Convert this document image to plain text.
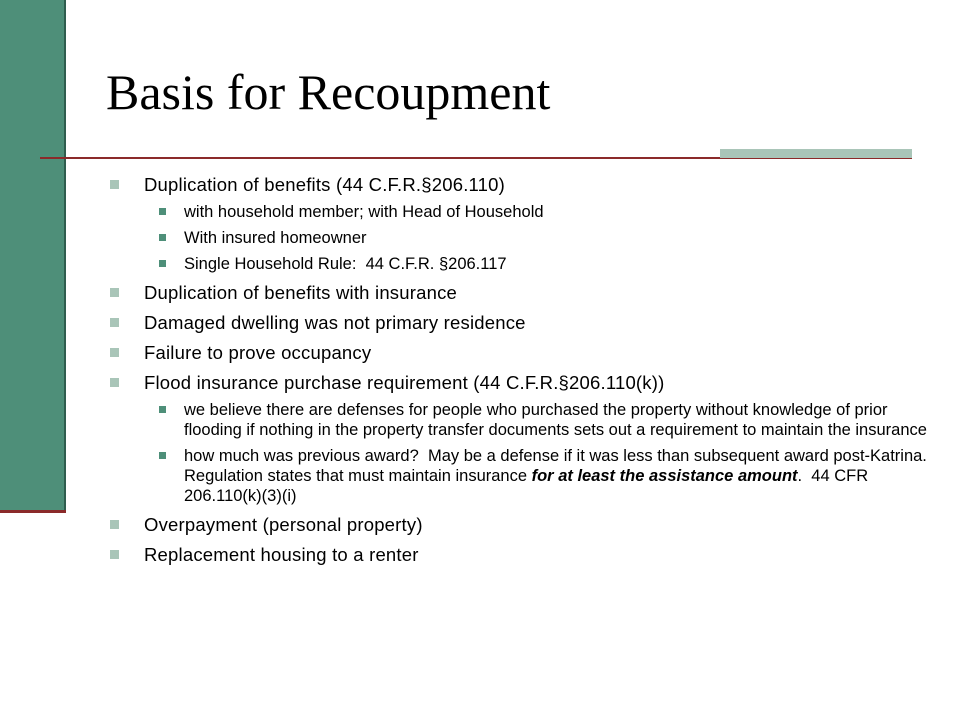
Basis for Recoupment
Duplication of benefits (44 C.F.R.§206.110)
with household member; with Head of Household
With insured homeowner
Single Household Rule:  44 C.F.R. §206.117
Duplication of benefits with insurance
Damaged dwelling was not primary residence
Failure to prove occupancy
Flood insurance purchase requirement (44 C.F.R.§206.110(k))
we believe there are defenses for people who purchased the property without knowledge of prior flooding if nothing in the property transfer documents sets out a requirement to maintain the insurance
how much was previous award?  May be a defense if it was less than subsequent award post-Katrina.  Regulation states that must maintain insurance for at least the assistance amount.  44 CFR 206.110(k)(3)(i)
Overpayment (personal property)
Replacement housing to a renter
